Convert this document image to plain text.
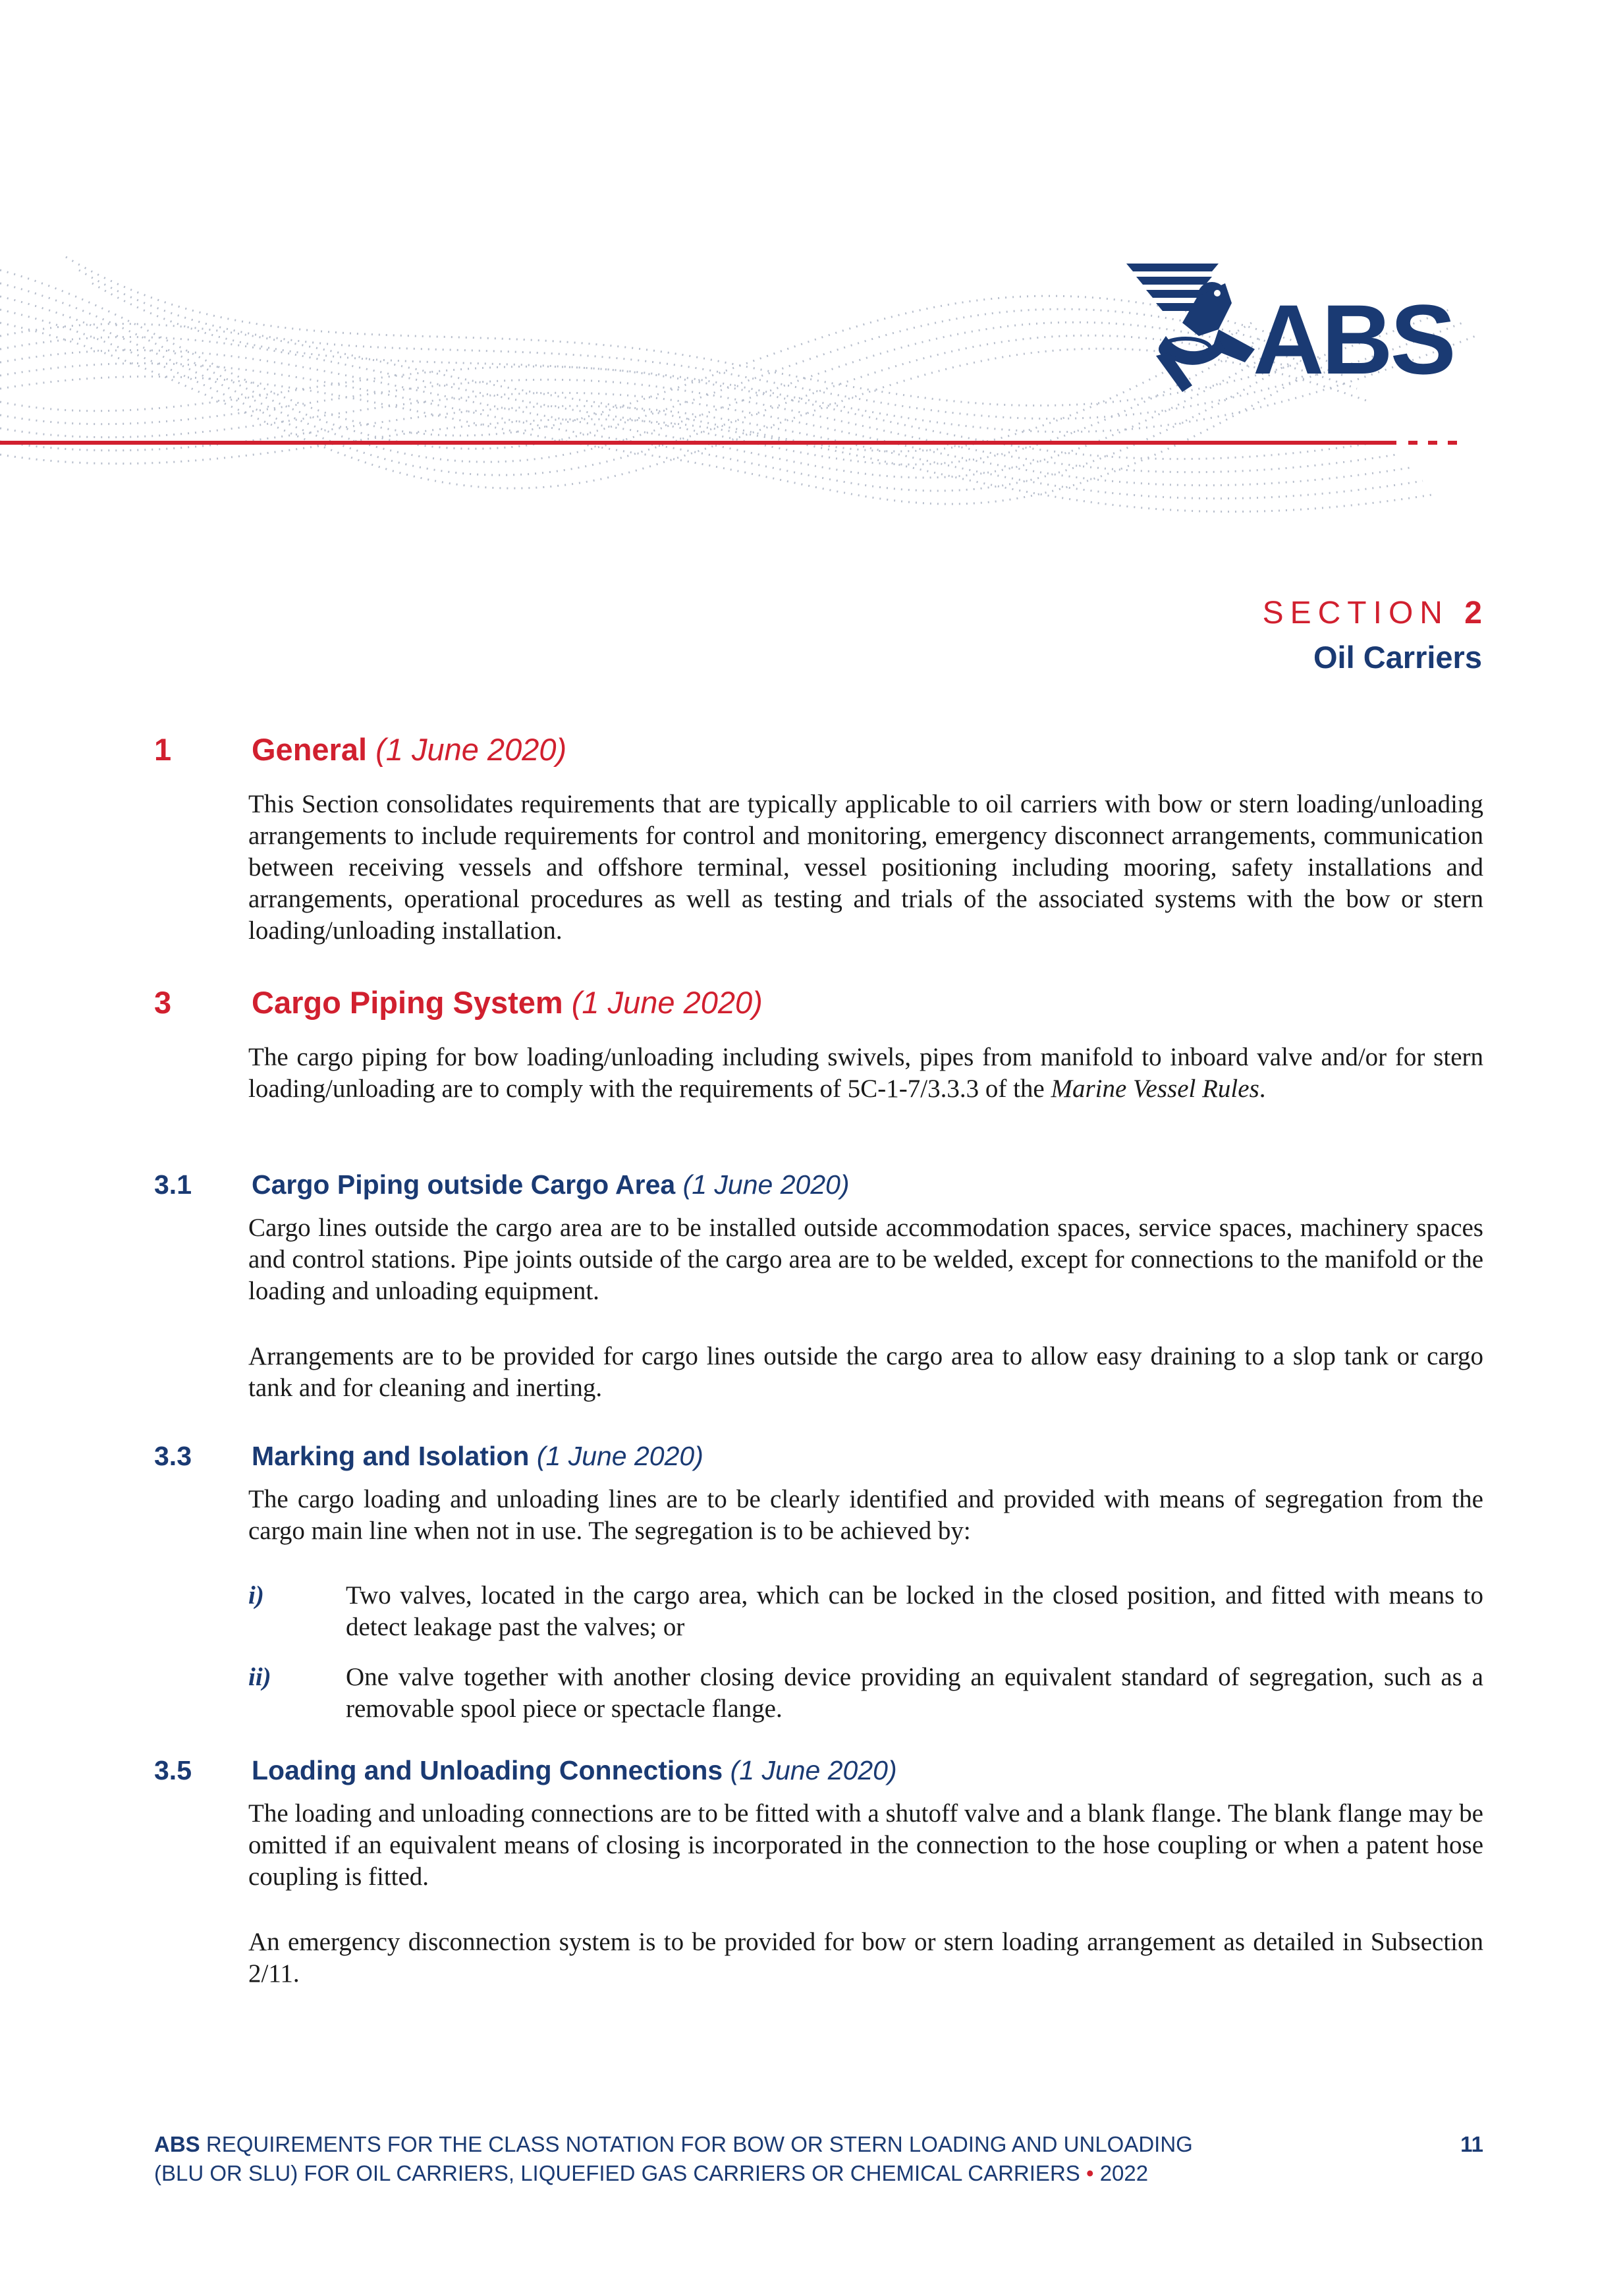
ABS
SECTION 2
Oil Carriers
1	General (1 June 2020)
This Section consolidates requirements that are typically applicable to oil carriers with bow or stern loading/unloading arrangements to include requirements for control and monitoring, emergency disconnect arrangements, communication between receiving vessels and offshore terminal, vessel positioning including mooring, safety installations and arrangements, operational procedures as well as testing and trials of the associated systems with the bow or stern loading/unloading installation.
3	Cargo Piping System (1 June 2020)
The cargo piping for bow loading/unloading including swivels, pipes from manifold to inboard valve and/or for stern loading/unloading are to comply with the requirements of 5C-1-7/3.3.3 of the Marine Vessel Rules.
3.1 Cargo Piping outside Cargo Area (1 June 2020)
Cargo lines outside the cargo area are to be installed outside accommodation spaces, service spaces, machinery spaces and control stations. Pipe joints outside of the cargo area are to be welded, except for connections to the manifold or the loading and unloading equipment.
Arrangements are to be provided for cargo lines outside the cargo area to allow easy draining to a slop tank or cargo tank and for cleaning and inerting.
3.3 Marking and Isolation (1 June 2020)
The cargo loading and unloading lines are to be clearly identified and provided with means of segregation from the cargo main line when not in use. The segregation is to be achieved by:
i)	Two valves, located in the cargo area, which can be locked in the closed position, and fitted with means to detect leakage past the valves; or
ii)	One valve together with another closing device providing an equivalent standard of segregation, such as a removable spool piece or spectacle flange.
3.5 Loading and Unloading Connections (1 June 2020)
The loading and unloading connections are to be fitted with a shutoff valve and a blank flange. The blank flange may be omitted if an equivalent means of closing is incorporated in the connection to the hose coupling or when a patent hose coupling is fitted.
An emergency disconnection system is to be provided for bow or stern loading arrangement as detailed in Subsection 2/11.
ABS REQUIREMENTS FOR THE CLASS NOTATION FOR BOW OR STERN LOADING AND UNLOADING
(BLU OR SLU) FOR OIL CARRIERS, LIQUEFIED GAS CARRIERS OR CHEMICAL CARRIERS • 2022
11
